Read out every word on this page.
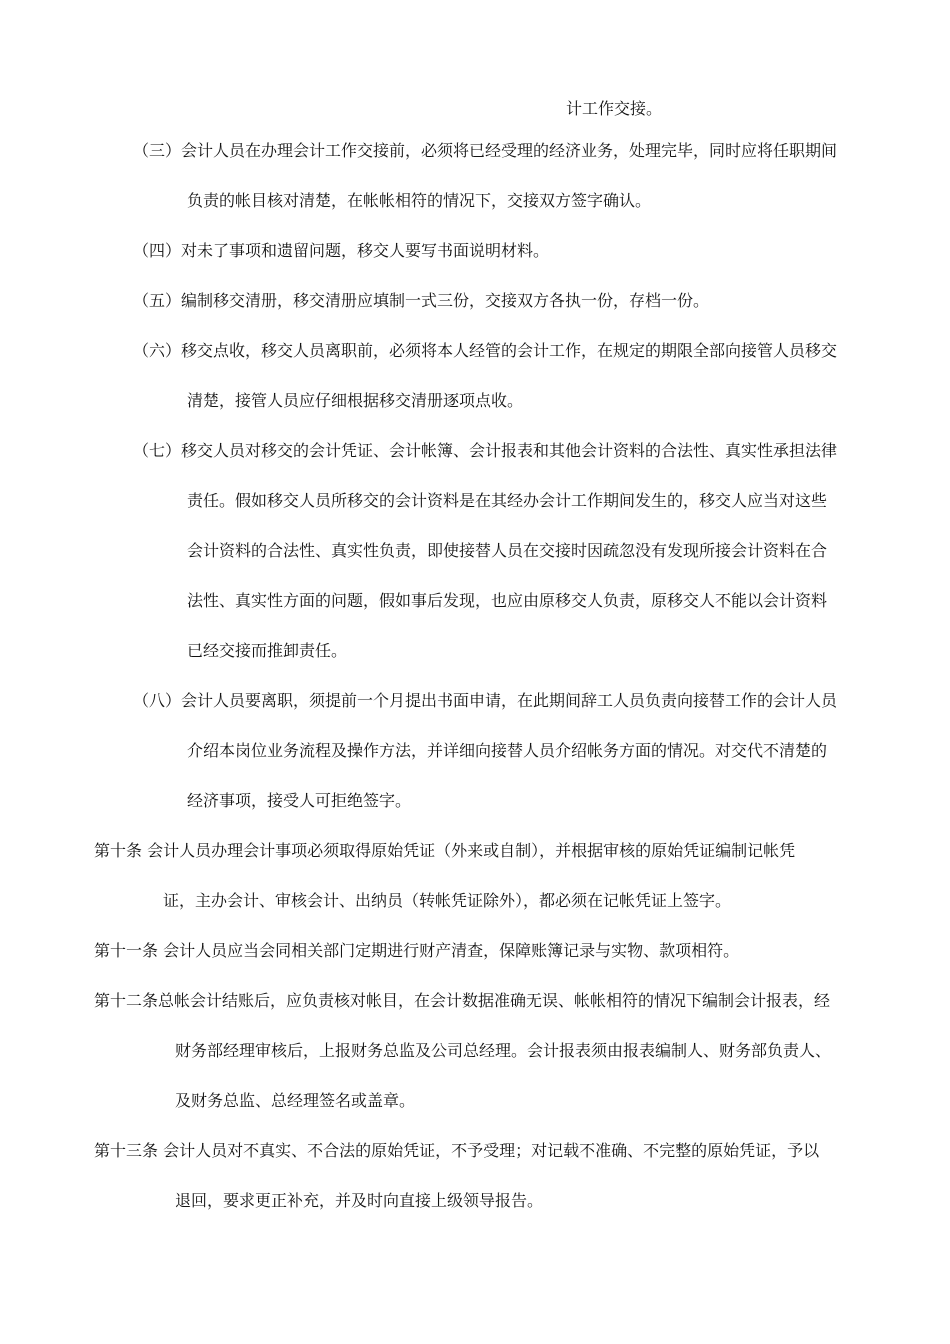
计工作交接。
（三）会计人员在办理会计工作交接前，必须将已经受理的经济业务，处理完毕，同时应将任职期间
负责的帐目核对清楚，在帐帐相符的情况下，交接双方签字确认。
（四）对未了事项和遗留问题，移交人要写书面说明材料。
（五）编制移交清册，移交清册应填制一式三份，交接双方各执一份，存档一份。
（六）移交点收，移交人员离职前，必须将本人经管的会计工作，在规定的期限全部向接管人员移交
清楚，接管人员应仔细根据移交清册逐项点收。
（七）移交人员对移交的会计凭证、会计帐簿、会计报表和其他会计资料的合法性、真实性承担法律
责任。假如移交人员所移交的会计资料是在其经办会计工作期间发生的，移交人应当对这些
会计资料的合法性、真实性负责，即使接替人员在交接时因疏忽没有发现所接会计资料在合
法性、真实性方面的问题，假如事后发现，也应由原移交人负责，原移交人不能以会计资料
已经交接而推卸责任。
（八）会计人员要离职，须提前一个月提出书面申请，在此期间辞工人员负责向接替工作的会计人员
介绍本岗位业务流程及操作方法，并详细向接替人员介绍帐务方面的情况。对交代不清楚的
经济事项，接受人可拒绝签字。
第十条 会计人员办理会计事项必须取得原始凭证（外来或自制），并根据审核的原始凭证编制记帐凭
证，主办会计、审核会计、出纳员（转帐凭证除外），都必须在记帐凭证上签字。
第十一条 会计人员应当会同相关部门定期进行财产清查，保障账簿记录与实物、款项相符。
第十二条总帐会计结账后，应负责核对帐目，在会计数据准确无误、帐帐相符的情况下编制会计报表，经
财务部经理审核后，上报财务总监及公司总经理。会计报表须由报表编制人、财务部负责人、
及财务总监、总经理签名或盖章。
第十三条 会计人员对不真实、不合法的原始凭证，不予受理；对记载不准确、不完整的原始凭证，予以
退回，要求更正补充，并及时向直接上级领导报告。
